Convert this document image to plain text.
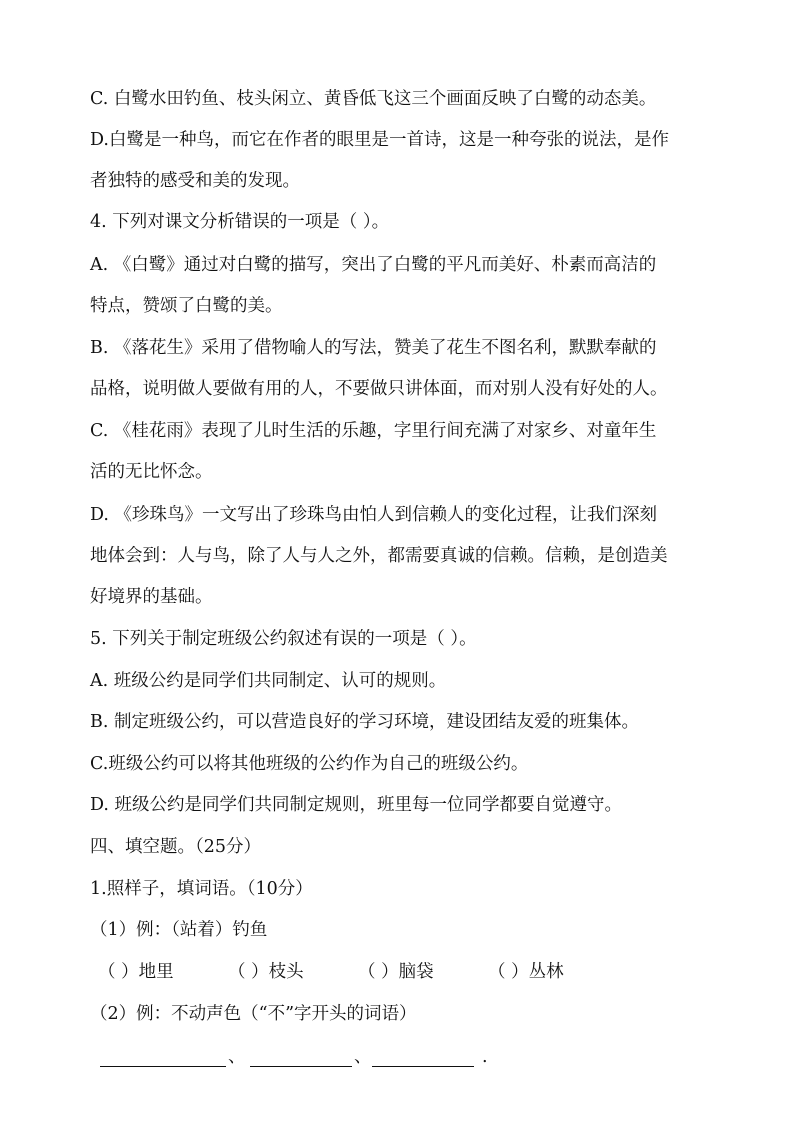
C. 白鹭水田钓鱼、枝头闲立、黄昏低飞这三个画面反映了白鹭的动态美。
D.白鹭是一种鸟，而它在作者的眼里是一首诗，这是一种夸张的说法，是作
者独特的感受和美的发现。
4. 下列对课文分析错误的一项是（ ）。
A. 《白鹭》通过对白鹭的描写，突出了白鹭的平凡而美好、朴素而高洁的
特点，赞颂了白鹭的美。
B. 《落花生》采用了借物喻人的写法，赞美了花生不图名利，默默奉献的
品格，说明做人要做有用的人，不要做只讲体面，而对别人没有好处的人。
C. 《桂花雨》表现了儿时生活的乐趣，字里行间充满了对家乡、对童年生
活的无比怀念。
D. 《珍珠鸟》一文写出了珍珠鸟由怕人到信赖人的变化过程，让我们深刻
地体会到：人与鸟，除了人与人之外，都需要真诚的信赖。信赖，是创造美
好境界的基础。
5. 下列关于制定班级公约叙述有误的一项是（ ）。
A. 班级公约是同学们共同制定、认可的规则。
B. 制定班级公约，可以营造良好的学习环境，建设团结友爱的班集体。
C.班级公约可以将其他班级的公约作为自己的班级公约。
D. 班级公约是同学们共同制定规则，班里每一位同学都要自觉遵守。
四、填空题。（25分）
1.照样子，填词语。（10分）
（1）例：（站着）钓鱼
（ ）地里	（ ）枝头	（ ）脑袋	（ ）丛林
（2）例：不动声色（“不”字开头的词语）
、	、	.
